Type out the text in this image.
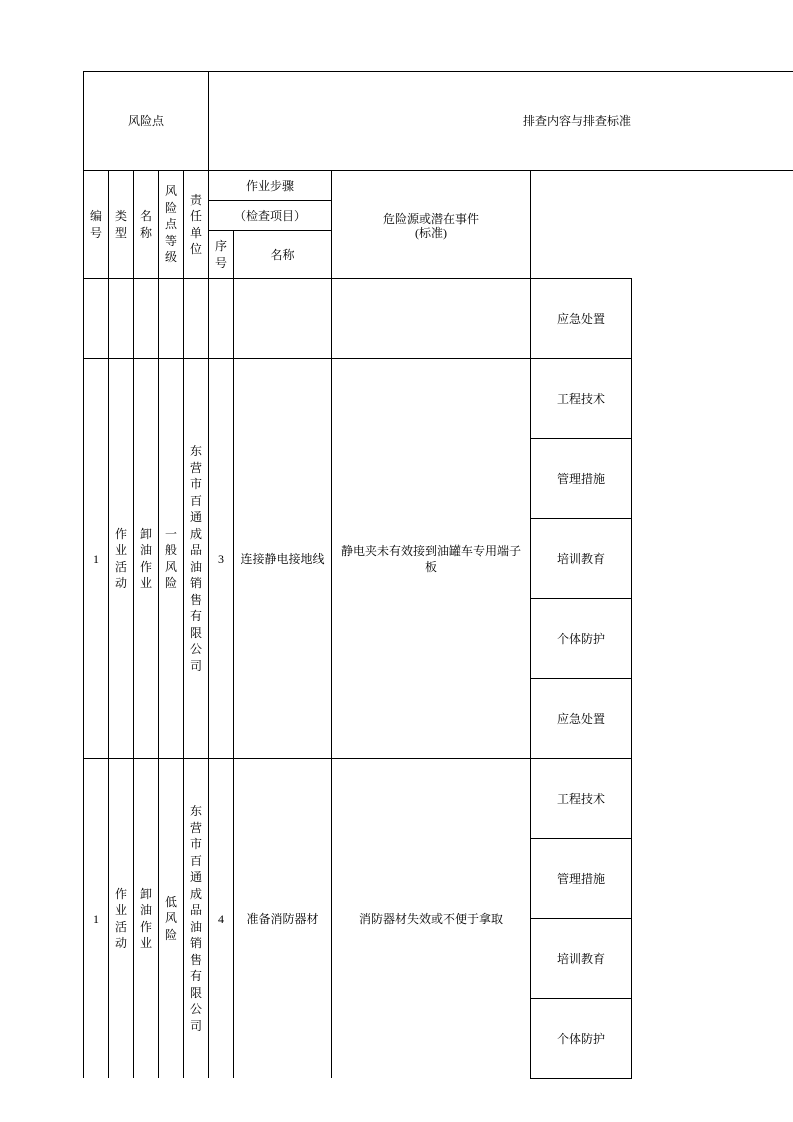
风险点	排查内容与排查标准
编号
类型
名称
风险点等级
责任单位
作业步骤
（检查项目）
序号
名称
危险源或潜在事件
(标准)
应急处置
1
作业活动
卸油作业
一般风险
东营市百通成品油销售有限公司
3 连接静电接地线
静电夹未有效接到油罐车专用端子板
工程技术
管理措施
培训教育
个体防护
应急处置
1
作业活动
卸油作业
低风险
东营市百通成品油销售有限公司
4 准备消防器材	消防器材失效或不便于拿取
工程技术
管理措施
培训教育
个体防护
